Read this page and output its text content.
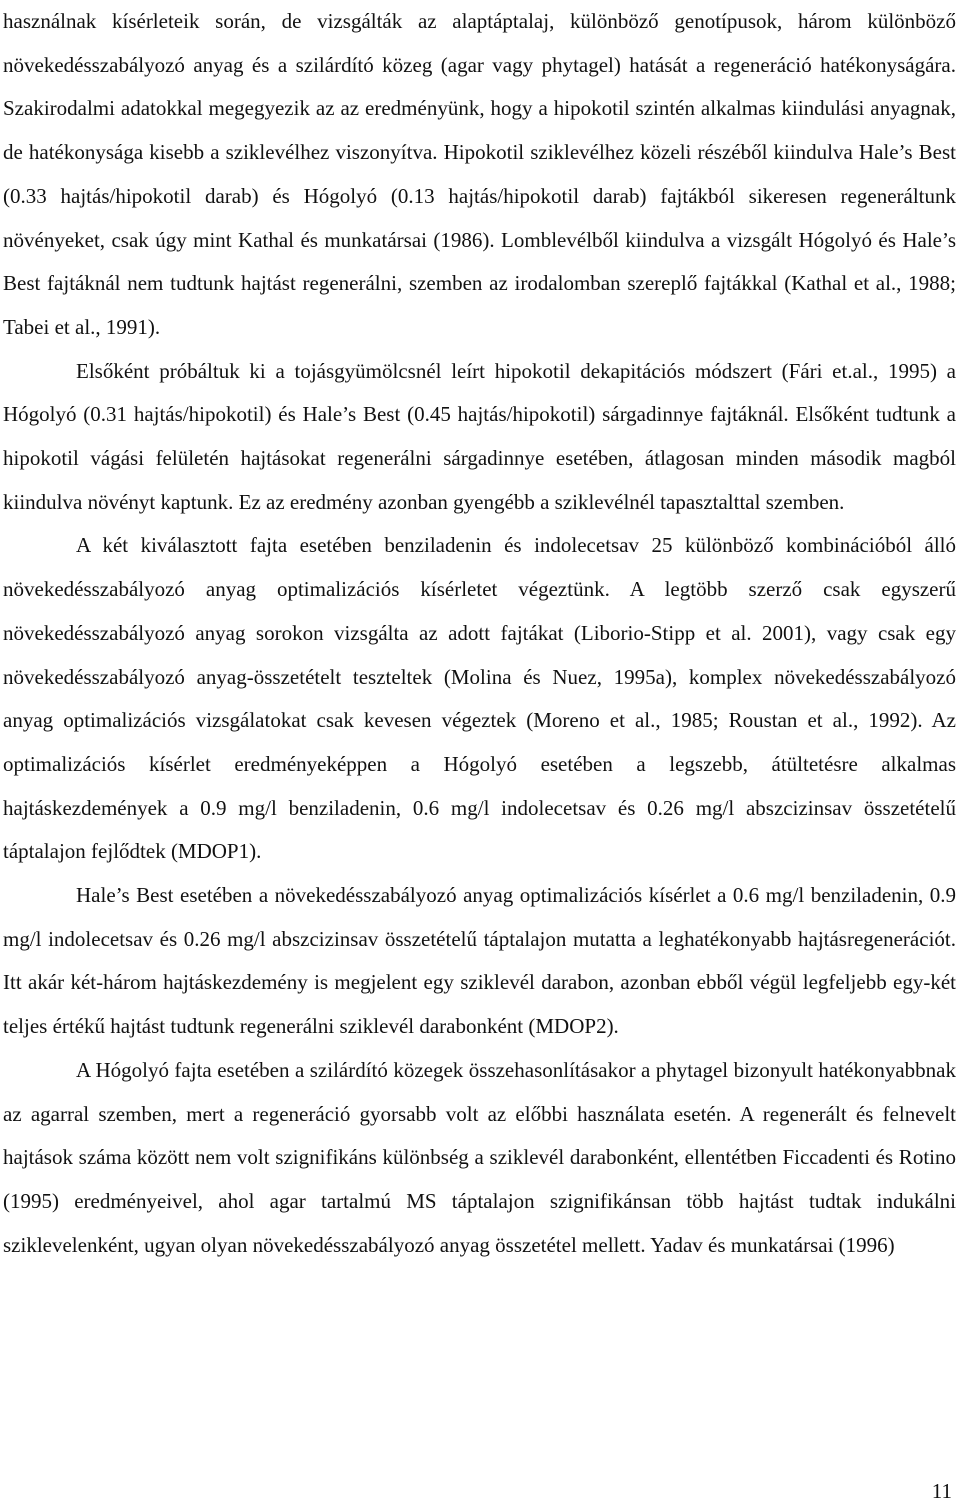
használnak kísérleteik során, de vizsgálták az alaptáptalaj, különböző genotípusok, három különböző növekedésszabályozó anyag és a szilárdító közeg (agar vagy phytagel) hatását a regeneráció hatékonyságára. Szakirodalmi adatokkal megegyezik az az eredményünk, hogy a hipokotil szintén alkalmas kiindulási anyagnak, de hatékonysága kisebb a sziklevélhez viszonyítva. Hipokotil sziklevélhez közeli részéből kiindulva Hale’s Best (0.33 hajtás/hipokotil darab) és Hógolyó (0.13 hajtás/hipokotil darab) fajtákból sikeresen regeneráltunk növényeket, csak úgy mint Kathal és munkatársai (1986). Lomblevélből kiindulva a vizsgált Hógolyó és Hale’s Best fajtáknál nem tudtunk hajtást regenerálni, szemben az irodalomban szereplő fajtákkal (Kathal et al., 1988; Tabei et al., 1991).

Elsőként próbáltuk ki a tojásgyümölcsnél leírt hipokotil dekapitációs módszert (Fári et.al., 1995) a Hógolyó (0.31 hajtás/hipokotil) és Hale’s Best (0.45 hajtás/hipokotil) sárgadinnye fajtáknál. Elsőként tudtunk a hipokotil vágási felületén hajtásokat regenerálni sárgadinnye esetében, átlagosan minden második magból kiindulva növényt kaptunk. Ez az eredmény azonban gyengébb a sziklevélnél tapasztalttal szemben.

A két kiválasztott fajta esetében benziladenin és indolecetsav 25 különböző kombinációból álló növekedésszabályozó anyag optimalizációs kísérletet végeztünk. A legtöbb szerző csak egyszerű növekedésszabályozó anyag sorokon vizsgálta az adott fajtákat (Liborio-Stipp et al. 2001), vagy csak egy növekedésszabályozó anyag-összetételt teszteltek (Molina és Nuez, 1995a), komplex növekedésszabályozó anyag optimalizációs vizsgálatokat csak kevesen végeztek (Moreno et al., 1985; Roustan et al., 1992). Az optimalizációs kísérlet eredményeképpen a Hógolyó esetében a legszebb, átültetésre alkalmas hajtáskezdemények a 0.9 mg/l benziladenin, 0.6 mg/l indolecetsav és 0.26 mg/l abszcizinsav összetételű táptalajon fejlődtek (MDOP1).

Hale’s Best esetében a növekedésszabályozó anyag optimalizációs kísérlet a 0.6 mg/l benziladenin, 0.9 mg/l indolecetsav és 0.26 mg/l abszcizinsav összetételű táptalajon mutatta a leghatékonyabb hajtásregenerációt. Itt akár két-három hajtáskezdemény is megjelent egy sziklevél darabon, azonban ebből végül legfeljebb egy-két teljes értékű hajtást tudtunk regenerálni sziklevél darabonként (MDOP2).

A Hógolyó fajta esetében a szilárdító közegek összehasonlításakor a phytagel bizonyult hatékonyabbnak az agarral szemben, mert a regeneráció gyorsabb volt az előbbi használata esetén. A regenerált és felnevelt hajtások száma között nem volt szignifikáns különbség a sziklevél darabonként, ellentétben Ficcadenti és Rotino (1995) eredményeivel, ahol agar tartalmú MS táptalajon szignifikánsan több hajtást tudtak indukálni sziklevelenként, ugyan olyan növekedésszabályozó anyag összetétel mellett. Yadav és munkatársai (1996)

11
